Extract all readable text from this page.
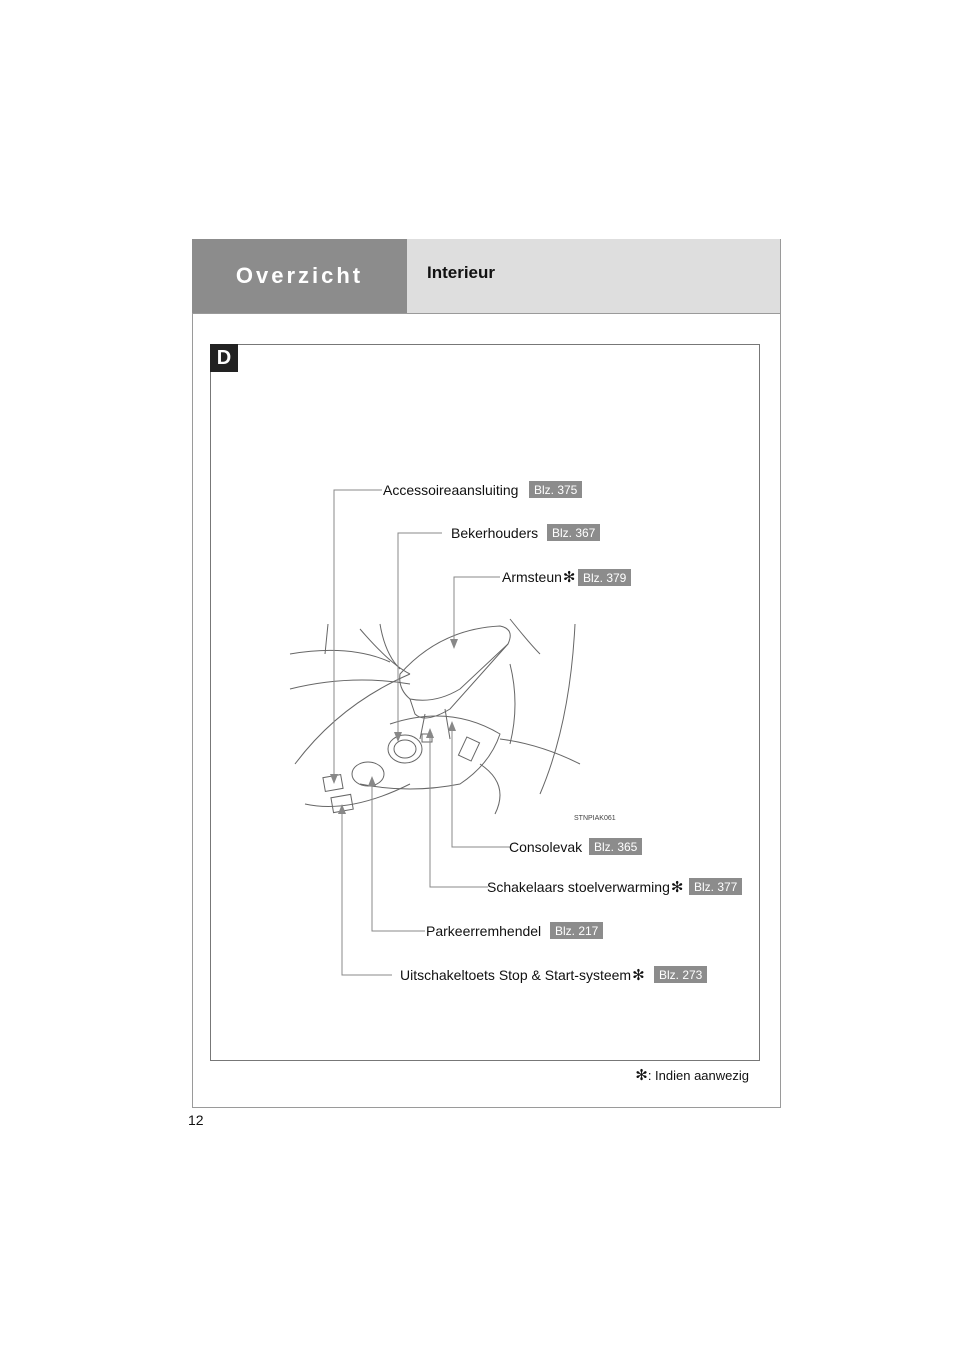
Overzicht	Interieur
D
STNPIAK061
Accessoireaansluiting	Blz. 375
Bekerhouders	Blz. 367
Armsteun ✻ Blz. 379
Consolevak Blz. 365
Schakelaars stoelverwarming ✻ Blz. 377
Parkeerremhendel	Blz. 217
Uitschakeltoets Stop & Start-systeem ✻	Blz. 273
✻ : Indien aanwezig
12
